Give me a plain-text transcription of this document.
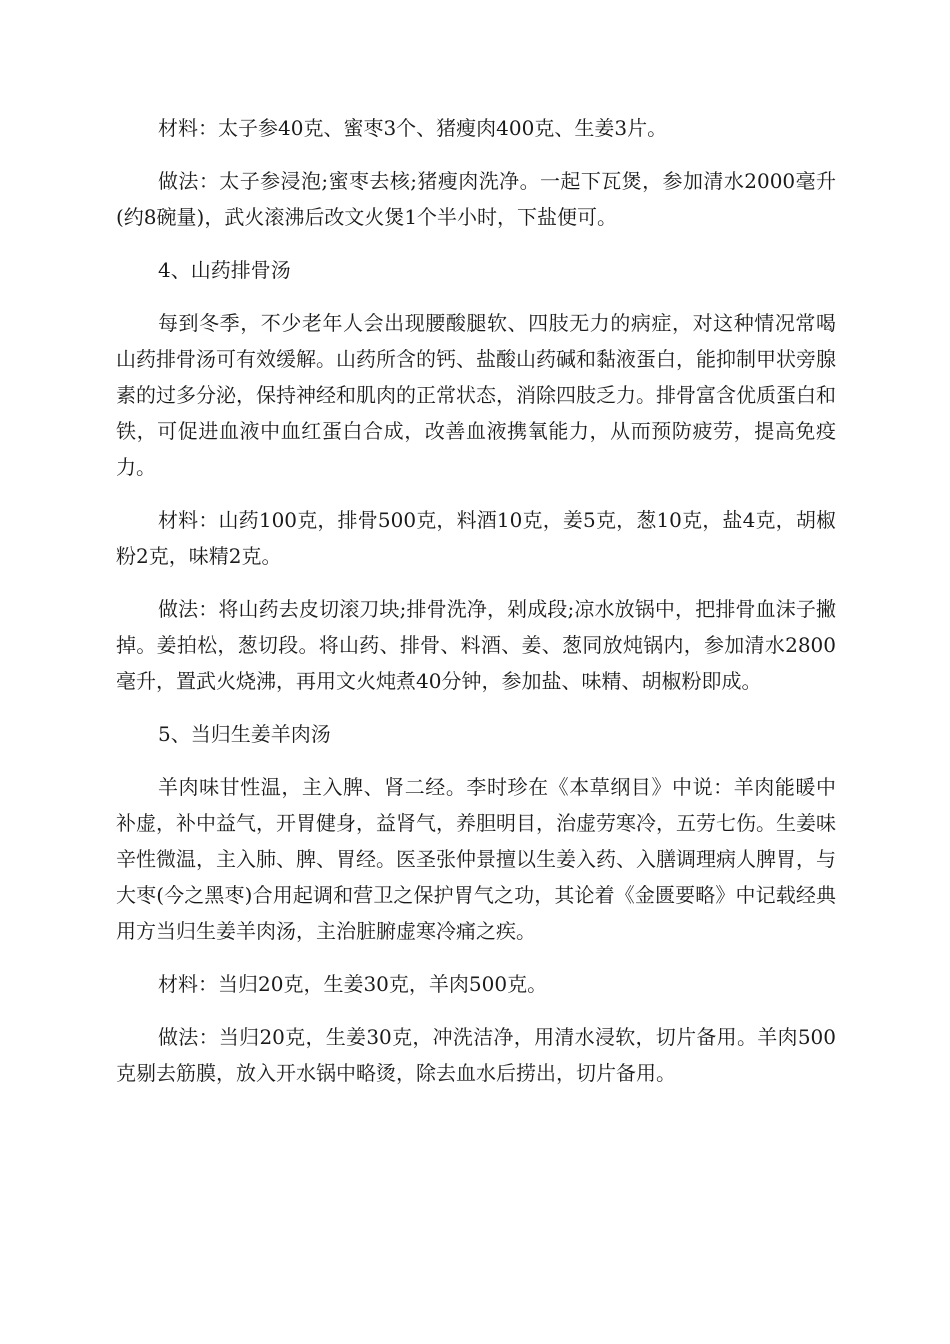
材料：太子参40克、蜜枣3个、猪瘦肉400克、生姜3片。

做法：太子参浸泡;蜜枣去核;猪瘦肉洗净。一起下瓦煲，参加清水2000毫升(约8碗量)，武火滚沸后改文火煲1个半小时，下盐便可。

4、山药排骨汤

每到冬季，不少老年人会出现腰酸腿软、四肢无力的病症，对这种情况常喝山药排骨汤可有效缓解。山药所含的钙、盐酸山药碱和黏液蛋白，能抑制甲状旁腺素的过多分泌，保持神经和肌肉的正常状态，消除四肢乏力。排骨富含优质蛋白和铁，可促进血液中血红蛋白合成，改善血液携氧能力，从而预防疲劳，提高免疫力。

材料：山药100克，排骨500克，料酒10克，姜5克，葱10克，盐4克，胡椒粉2克，味精2克。

做法：将山药去皮切滚刀块;排骨洗净，剁成段;凉水放锅中，把排骨血沫子撇掉。姜拍松，葱切段。将山药、排骨、料酒、姜、葱同放炖锅内，参加清水2800毫升，置武火烧沸，再用文火炖煮40分钟，参加盐、味精、胡椒粉即成。

5、当归生姜羊肉汤

羊肉味甘性温，主入脾、肾二经。李时珍在《本草纲目》中说：羊肉能暖中补虚，补中益气，开胃健身，益肾气，养胆明目，治虚劳寒冷，五劳七伤。生姜味辛性微温，主入肺、脾、胃经。医圣张仲景擅以生姜入药、入膳调理病人脾胃，与大枣(今之黑枣)合用起调和营卫之保护胃气之功，其论着《金匮要略》中记载经典用方当归生姜羊肉汤，主治脏腑虚寒冷痛之疾。

材料：当归20克，生姜30克，羊肉500克。

做法：当归20克，生姜30克，冲洗洁净，用清水浸软，切片备用。羊肉500克剔去筋膜，放入开水锅中略烫，除去血水后捞出，切片备用。
